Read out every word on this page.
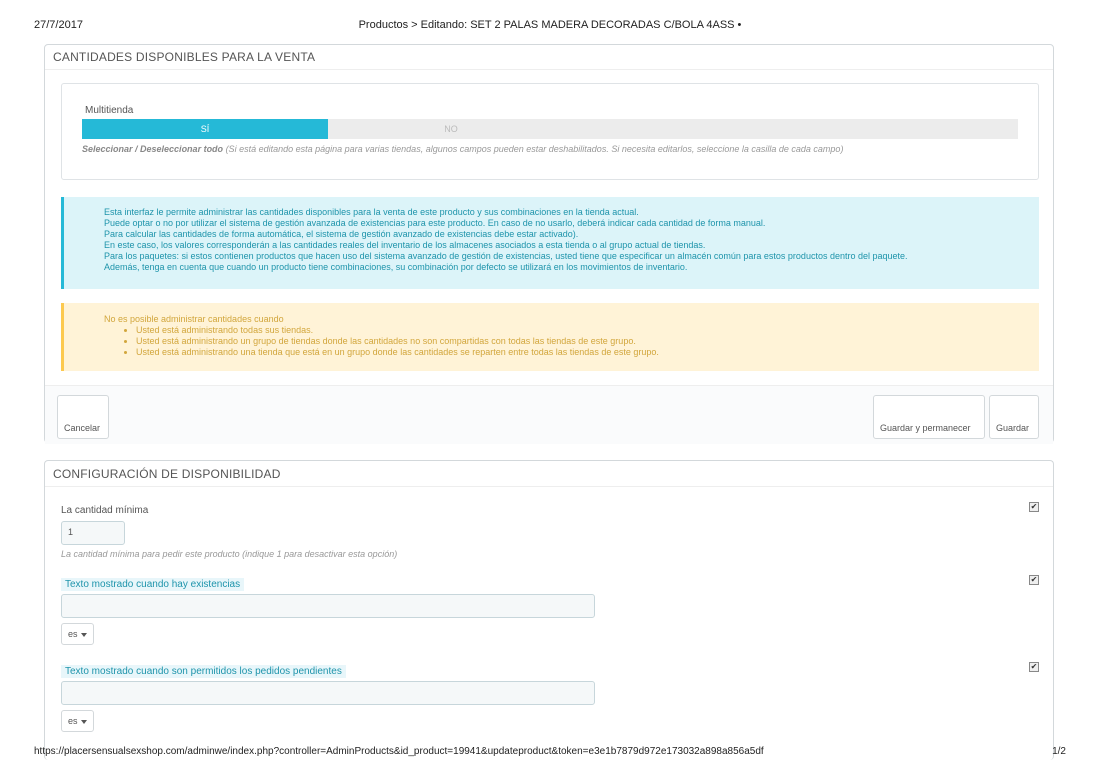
27/7/2017	Productos > Editando: SET 2 PALAS MADERA DECORADAS C/BOLA 4ASS •
CANTIDADES DISPONIBLES PARA LA VENTA
Multitienda
SÍ	NO
Seleccionar / Deseleccionar todo (Si está editando esta página para varias tiendas, algunos campos pueden estar deshabilitados. Si necesita editarlos, seleccione la casilla de cada campo)
Esta interfaz le permite administrar las cantidades disponibles para la venta de este producto y sus combinaciones en la tienda actual.
Puede optar o no por utilizar el sistema de gestión avanzada de existencias para este producto. En caso de no usarlo, deberá indicar cada cantidad de forma manual.
Para calcular las cantidades de forma automática, el sistema de gestión avanzado de existencias debe estar activado).
En este caso, los valores corresponderán a las cantidades reales del inventario de los almacenes asociados a esta tienda o al grupo actual de tiendas.
Para los paquetes: si estos contienen productos que hacen uso del sistema avanzado de gestión de existencias, usted tiene que especificar un almacén común para estos productos dentro del paquete.
Además, tenga en cuenta que cuando un producto tiene combinaciones, su combinación por defecto se utilizará en los movimientos de inventario.
No es posible administrar cantidades cuando
• Usted está administrando todas sus tiendas.
• Usted está administrando un grupo de tiendas donde las cantidades no son compartidas con todas las tiendas de este grupo.
• Usted está administrando una tienda que está en un grupo donde las cantidades se reparten entre todas las tiendas de este grupo.
Cancelar	Guardar y permanecer	Guardar
CONFIGURACIÓN DE DISPONIBILIDAD
La cantidad mínima	✔
1
La cantidad mínima para pedir este producto (indique 1 para desactivar esta opción)
Texto mostrado cuando hay existencias	✔
es
Texto mostrado cuando son permitidos los pedidos pendientes	✔
es
https://placersensualsexshop.com/adminwe/index.php?controller=AdminProducts&id_product=19941&updateproduct&token=e3e1b7879d972e173032a898a856a5df	1/2
